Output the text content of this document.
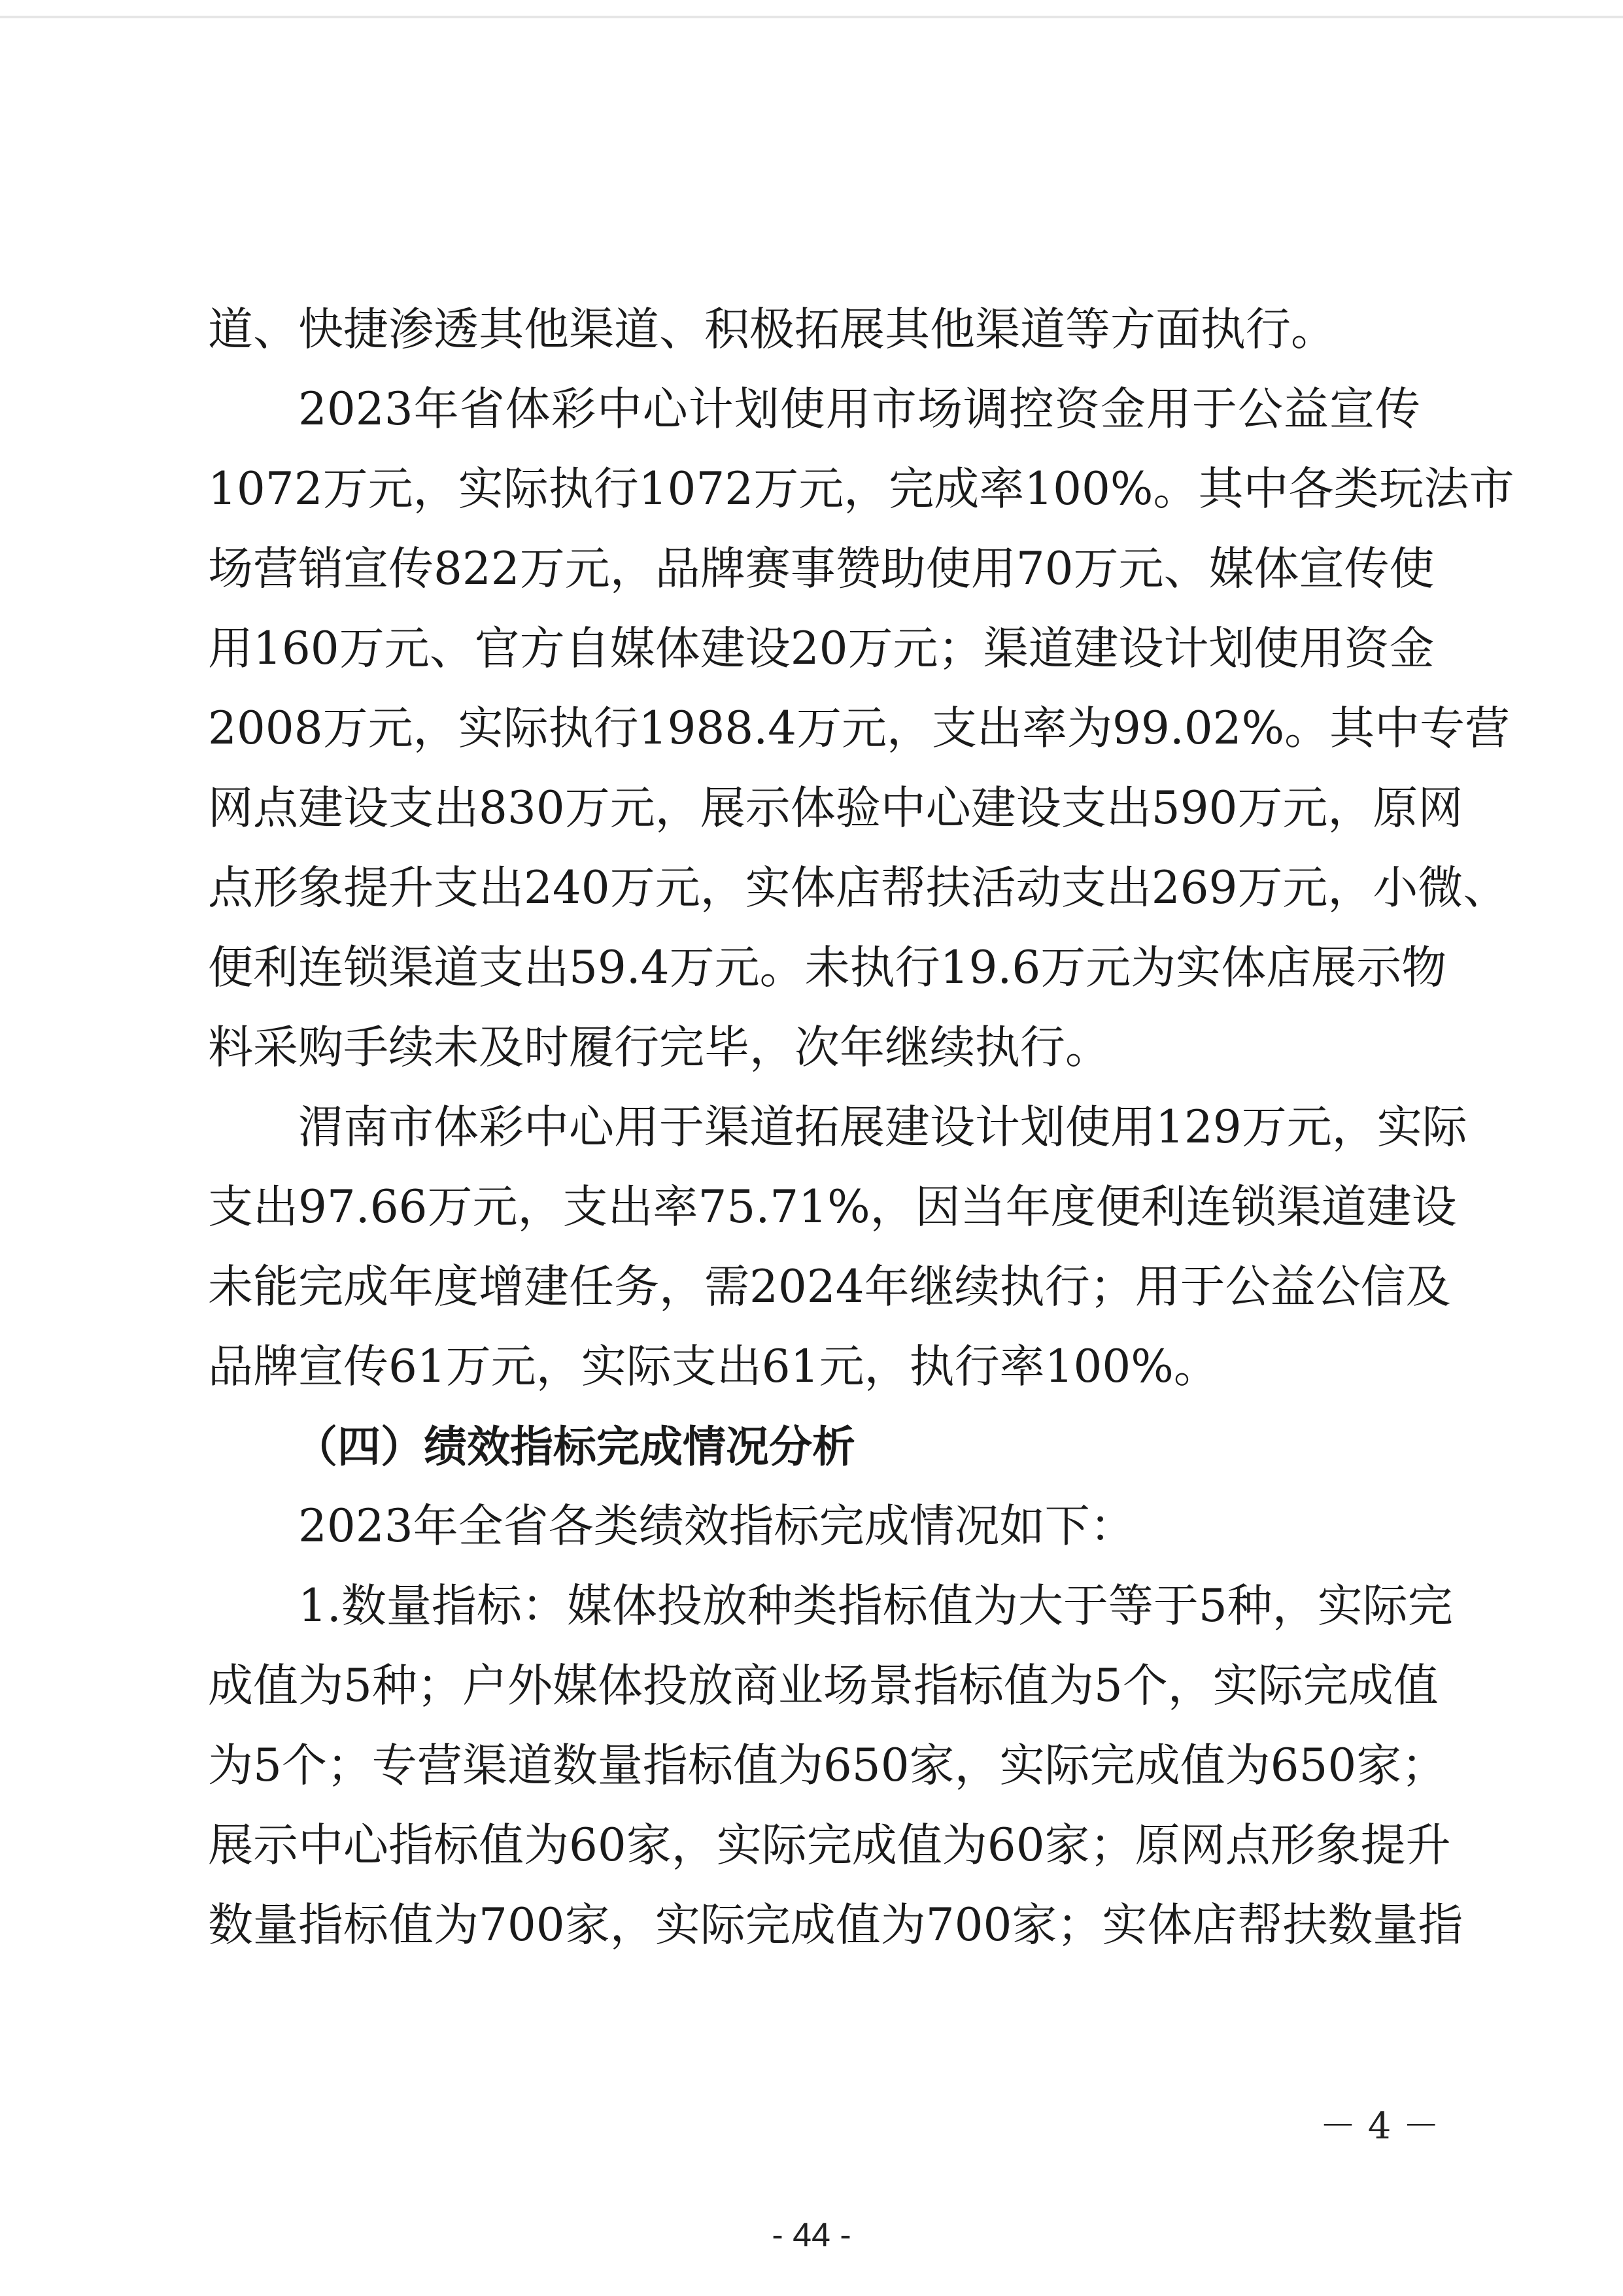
道、快捷渗透其他渠道、积极拓展其他渠道等方面执行。
2023年省体彩中心计划使用市场调控资金用于公益宣传
1072万元，实际执行1072万元，完成率100%。其中各类玩法市
场营销宣传822万元，品牌赛事赞助使用70万元、媒体宣传使
用160万元、官方自媒体建设20万元；渠道建设计划使用资金
2008万元，实际执行1988.4万元，支出率为99.02%。其中专营
网点建设支出830万元，展示体验中心建设支出590万元，原网
点形象提升支出240万元，实体店帮扶活动支出269万元，小微、
便利连锁渠道支出59.4万元。未执行19.6万元为实体店展示物
料采购手续未及时履行完毕，次年继续执行。
渭南市体彩中心用于渠道拓展建设计划使用129万元，实际
支出97.66万元，支出率75.71%，因当年度便利连锁渠道建设
未能完成年度增建任务，需2024年继续执行；用于公益公信及
品牌宣传61万元，实际支出61元，执行率100%。
（四）绩效指标完成情况分析
2023年全省各类绩效指标完成情况如下：
1.数量指标：媒体投放种类指标值为大于等于5种，实际完
成值为5种；户外媒体投放商业场景指标值为5个，实际完成值
为5个；专营渠道数量指标值为650家，实际完成值为650家；
展示中心指标值为60家，实际完成值为60家；原网点形象提升
数量指标值为700家，实际完成值为700家；实体店帮扶数量指
－ 4 －
- 44 -
